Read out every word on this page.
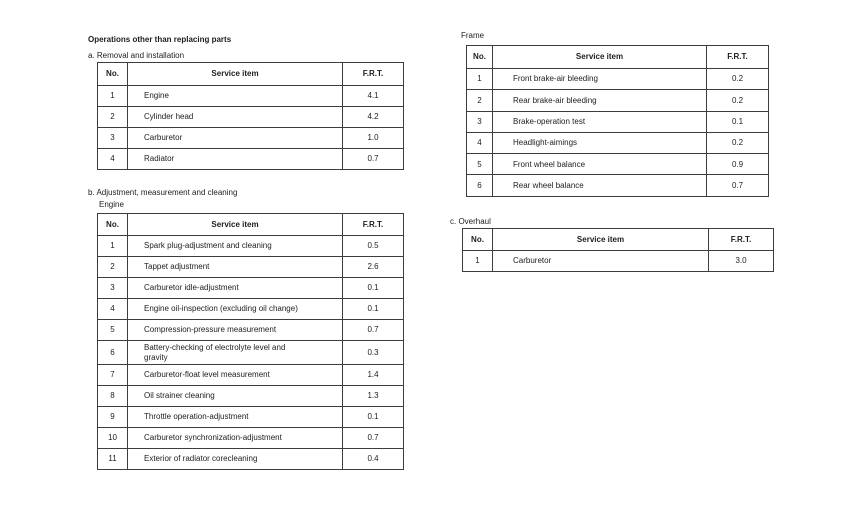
Operations other than replacing parts
a. Removal and installation
No.	Service item	F.R.T.
1	Engine	4.1
2	Cylinder head	4.2
3	Carburetor	1.0
4	Radiator	0.7
b. Adjustment, measurement and cleaning
Engine
No.	Service item	F.R.T.
1	Spark plug-adjustment and cleaning	0.5
2	Tappet adjustment	2.6
3	Carburetor idle-adjustment	0.1
4	Engine oil-inspection (excluding oil change)	0.1
5	Compression-pressure measurement	0.7
6	Battery-checking of electrolyte level and gravity	0.3
7	Carburetor-float level measurement	1.4
8	Oil strainer cleaning	1.3
9	Throttle operation-adjustment	0.1
10	Carburetor synchronization-adjustment	0.7
11	Exterior of radiator corecleaning	0.4
Frame
No.	Service item	F.R.T.
1	Front brake-air bleeding	0.2
2	Rear brake-air bleeding	0.2
3	Brake-operation test	0.1
4	Headlight-aimings	0.2
5	Front wheel balance	0.9
6	Rear wheel balance	0.7
c. Overhaul
No.	Service item	F.R.T.
1	Carburetor	3.0
